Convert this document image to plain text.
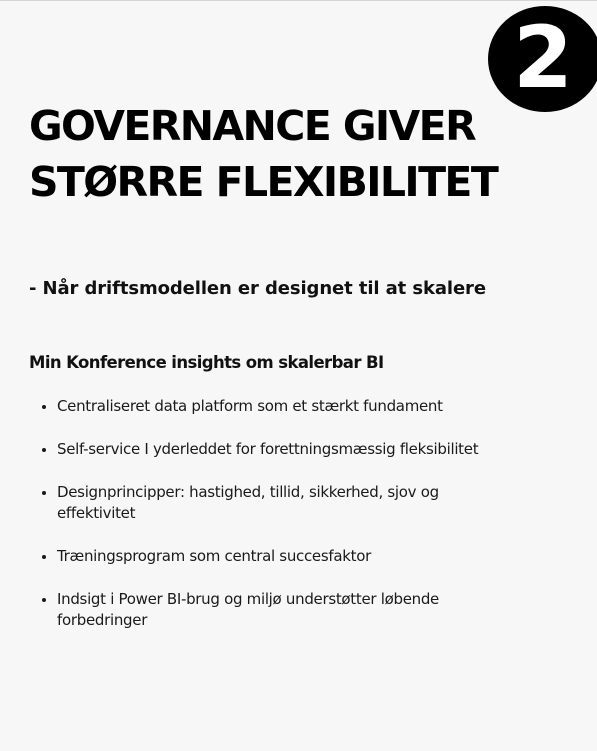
2
GOVERNANCE GIVER
STØRRE FLEXIBILITET
- Når driftsmodellen er designet til at skalere
Min Konference insights om skalerbar BI
Centraliseret data platform som et stærkt fundament
Self-service I yderleddet for forettningsmæssig fleksibilitet
Designprincipper: hastighed, tillid, sikkerhed, sjov og effektivitet
Træningsprogram som central succesfaktor
Indsigt i Power BI-brug og miljø understøtter løbende forbedringer
